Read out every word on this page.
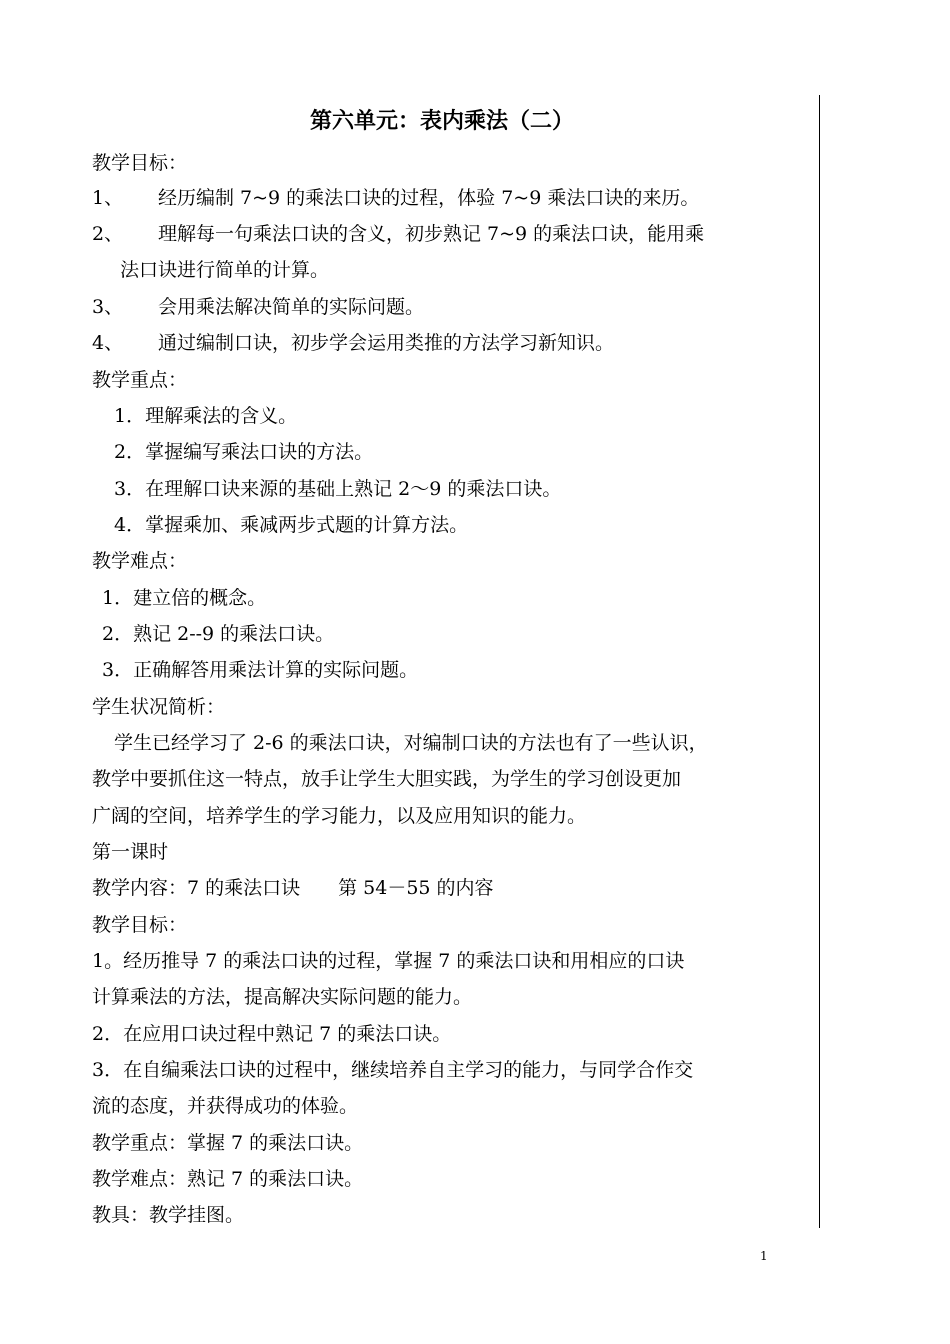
第六单元：表内乘法（二）
教学目标：
1、 经历编制 7~9 的乘法口诀的过程，体验 7~9 乘法口诀的来历。
2、 理解每一句乘法口诀的含义，初步熟记 7~9 的乘法口诀，能用乘
法口诀进行简单的计算。
3、 会用乘法解决简单的实际问题。
4、 通过编制口诀，初步学会运用类推的方法学习新知识。
教学重点：
1．理解乘法的含义。
2．掌握编写乘法口诀的方法。
3．在理解口诀来源的基础上熟记 2～9 的乘法口诀。
4．掌握乘加、乘减两步式题的计算方法。
教学难点：
1．建立倍的概念。
2．熟记 2--9 的乘法口诀。
3．正确解答用乘法计算的实际问题。
学生状况简析：
学生已经学习了 2-6 的乘法口诀，对编制口诀的方法也有了一些认识，
教学中要抓住这一特点，放手让学生大胆实践，为学生的学习创设更加
广阔的空间，培养学生的学习能力，以及应用知识的能力。
第一课时
教学内容：7 的乘法口诀　　第 54－55 的内容
教学目标：
1。经历推导 7 的乘法口诀的过程，掌握 7 的乘法口诀和用相应的口诀
计算乘法的方法，提高解决实际问题的能力。
2．在应用口诀过程中熟记 7 的乘法口诀。
3．在自编乘法口诀的过程中，继续培养自主学习的能力，与同学合作交
流的态度，并获得成功的体验。
教学重点：掌握 7 的乘法口诀。
教学难点：熟记 7 的乘法口诀。
教具：教学挂图。
1
